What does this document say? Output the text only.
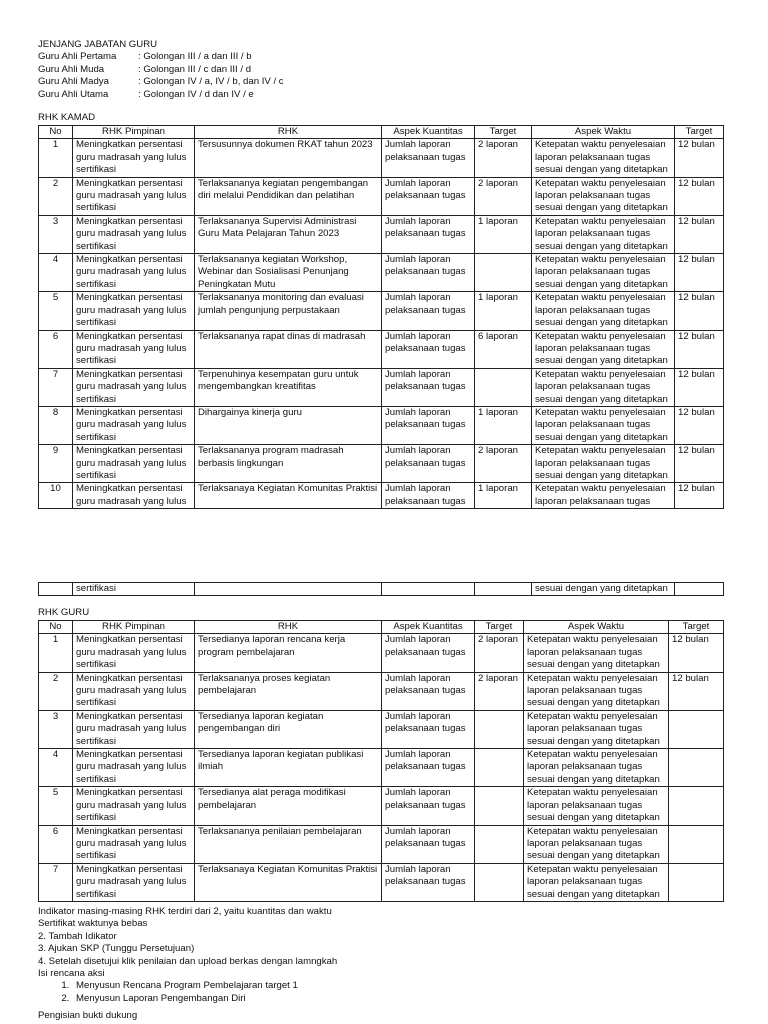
JENJANG JABATAN GURU
Guru Ahli Pertama	: Golongan III / a dan III / b
Guru Ahli Muda	: Golongan III / c dan III / d
Guru Ahli Madya	: Golongan IV / a, IV / b, dan IV / c
Guru Ahli Utama	: Golongan IV / d dan IV / e
RHK KAMAD
No	RHK Pimpinan	RHK	Aspek Kuantitas	Target	Aspek Waktu	Target
1	Meningkatkan persentasi guru madrasah yang lulus sertifikasi	Tersusunnya dokumen RKAT tahun 2023	Jumlah laporan pelaksanaan tugas	2 laporan	Ketepatan waktu penyelesaian laporan pelaksanaan tugas sesuai dengan yang ditetapkan	12 bulan
2	Meningkatkan persentasi guru madrasah yang lulus sertifikasi	Terlaksananya kegiatan pengembangan diri melalui Pendidikan dan pelatihan	Jumlah laporan pelaksanaan tugas	2 laporan	Ketepatan waktu penyelesaian laporan pelaksanaan tugas sesuai dengan yang ditetapkan	12 bulan
3	Meningkatkan persentasi guru madrasah yang lulus sertifikasi	Terlaksananya Supervisi Administrasi Guru Mata Pelajaran Tahun 2023	Jumlah laporan pelaksanaan tugas	1 laporan	Ketepatan waktu penyelesaian laporan pelaksanaan tugas sesuai dengan yang ditetapkan	12 bulan
4	Meningkatkan persentasi guru madrasah yang lulus sertifikasi	Terlaksananya kegiatan Workshop, Webinar dan Sosialisasi Penunjang Peningkatan Mutu	Jumlah laporan pelaksanaan tugas		Ketepatan waktu penyelesaian laporan pelaksanaan tugas sesuai dengan yang ditetapkan	12 bulan
5	Meningkatkan persentasi guru madrasah yang lulus sertifikasi	Terlaksananya monitoring dan evaluasi jumlah pengunjung perpustakaan	Jumlah laporan pelaksanaan tugas	1 laporan	Ketepatan waktu penyelesaian laporan pelaksanaan tugas sesuai dengan yang ditetapkan	12 bulan
6	Meningkatkan persentasi guru madrasah yang lulus sertifikasi	Terlaksananya rapat dinas di madrasah	Jumlah laporan pelaksanaan tugas	6 laporan	Ketepatan waktu penyelesaian laporan pelaksanaan tugas sesuai dengan yang ditetapkan	12 bulan
7	Meningkatkan persentasi guru madrasah yang lulus sertifikasi	Terpenuhinya kesempatan guru untuk mengembangkan kreatifitas	Jumlah laporan pelaksanaan tugas		Ketepatan waktu penyelesaian laporan pelaksanaan tugas sesuai dengan yang ditetapkan	12 bulan
8	Meningkatkan persentasi guru madrasah yang lulus sertifikasi	Dihargainya kinerja guru	Jumlah laporan pelaksanaan tugas	1 laporan	Ketepatan waktu penyelesaian laporan pelaksanaan tugas sesuai dengan yang ditetapkan	12 bulan
9	Meningkatkan persentasi guru madrasah yang lulus sertifikasi	Terlaksananya program madrasah berbasis lingkungan	Jumlah laporan pelaksanaan tugas	2 laporan	Ketepatan waktu penyelesaian laporan pelaksanaan tugas sesuai dengan yang ditetapkan	12 bulan
10	Meningkatkan persentasi guru madrasah yang lulus	Terlaksanaya Kegiatan Komunitas Praktisi	Jumlah laporan pelaksanaan tugas	1 laporan	Ketepatan waktu penyelesaian laporan pelaksanaan tugas	12 bulan
	sertifikasi				sesuai dengan yang ditetapkan	
RHK GURU
No	RHK Pimpinan	RHK	Aspek Kuantitas	Target	Aspek Waktu	Target
1	Meningkatkan persentasi guru madrasah yang lulus sertifikasi	Tersedianya laporan rencana kerja program pembelajaran	Jumlah laporan pelaksanaan tugas	2 laporan	Ketepatan waktu penyelesaian laporan pelaksanaan tugas sesuai dengan yang ditetapkan	12 bulan
2	Meningkatkan persentasi guru madrasah yang lulus sertifikasi	Terlaksananya proses kegiatan pembelajaran	Jumlah laporan pelaksanaan tugas	2 laporan	Ketepatan waktu penyelesaian laporan pelaksanaan tugas sesuai dengan yang ditetapkan	12 bulan
3	Meningkatkan persentasi guru madrasah yang lulus sertifikasi	Tersedianya laporan kegiatan pengembangan diri	Jumlah laporan pelaksanaan tugas		Ketepatan waktu penyelesaian laporan pelaksanaan tugas sesuai dengan yang ditetapkan	
4	Meningkatkan persentasi guru madrasah yang lulus sertifikasi	Tersedianya laporan kegiatan publikasi ilmiah	Jumlah laporan pelaksanaan tugas		Ketepatan waktu penyelesaian laporan pelaksanaan tugas sesuai dengan yang ditetapkan	
5	Meningkatkan persentasi guru madrasah yang lulus sertifikasi	Tersedianya alat peraga modifikasi pembelajaran	Jumlah laporan pelaksanaan tugas		Ketepatan waktu penyelesaian laporan pelaksanaan tugas sesuai dengan yang ditetapkan	
6	Meningkatkan persentasi guru madrasah yang lulus sertifikasi	Terlaksananya penilaian pembelajaran	Jumlah laporan pelaksanaan tugas		Ketepatan waktu penyelesaian laporan pelaksanaan tugas sesuai dengan yang ditetapkan	
7	Meningkatkan persentasi guru madrasah yang lulus sertifikasi	Terlaksanaya Kegiatan Komunitas Praktisi	Jumlah laporan pelaksanaan tugas		Ketepatan waktu penyelesaian laporan pelaksanaan tugas sesuai dengan yang ditetapkan	
Indikator masing-masing RHK terdiri dari 2, yaitu kuantitas dan waktu
Sertifikat waktunya bebas
2. Tambah Idikator
3. Ajukan SKP (Tunggu Persetujuan)
4. Setelah disetujui klik penilaian dan upload berkas dengan lamngkah
Isi rencana aksi
1. Menyusun Rencana Program Pembelajaran target 1
2. Menyusun Laporan Pengembangan Diri
Pengisian bukti dukung
